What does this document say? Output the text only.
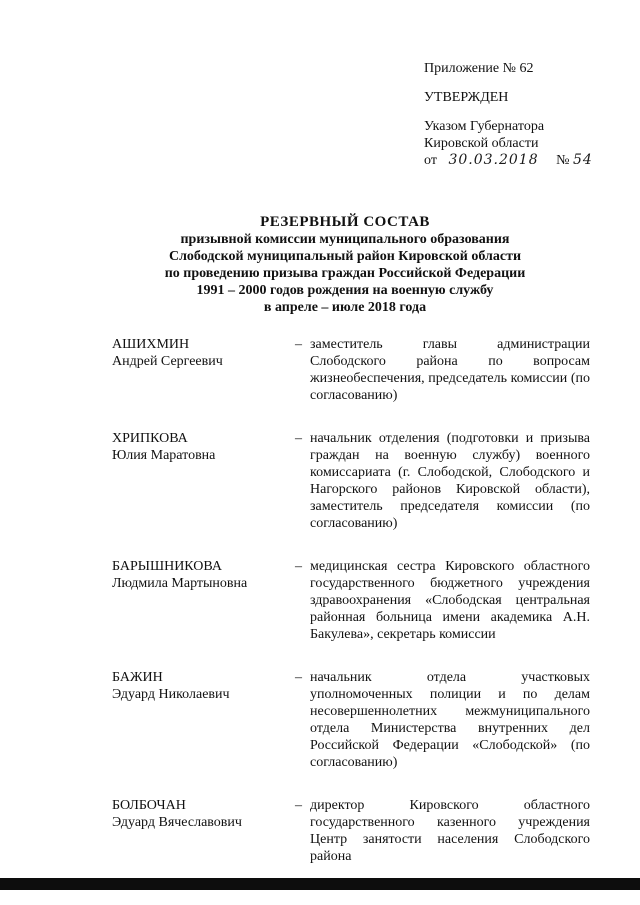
Приложение № 62
УТВЕРЖДЕН
Указом Губернатора
Кировской области
от 30.03.2018 № 54
РЕЗЕРВНЫЙ СОСТАВ
призывной комиссии муниципального образования
Слободской муниципальный район Кировской области
по проведению призыва граждан Российской Федерации
1991 – 2000 годов рождения на военную службу
в апреле – июле 2018 года
АШИХМИН
Андрей Сергеевич
– заместитель главы администрации Слободского района по вопросам жизнеобеспечения, председатель комиссии (по согласованию)
ХРИПКОВА
Юлия Маратовна
– начальник отделения (подготовки и призыва граждан на военную службу) военного комиссариата (г. Слободской, Слободского и Нагорского районов Кировской области), заместитель председателя комиссии (по согласованию)
БАРЫШНИКОВА
Людмила Мартыновна
– медицинская сестра Кировского областного государственного бюджетного учреждения здравоохранения «Слободская центральная районная больница имени академика А.Н. Бакулева», секретарь комиссии
БАЖИН
Эдуард Николаевич
– начальник отдела участковых уполномоченных полиции и по делам несовершеннолетних межмуниципального отдела Министерства внутренних дел Российской Федерации «Слободской» (по согласованию)
БОЛБОЧАН
Эдуард Вячеславович
– директор Кировского областного государственного казенного учреждения Центр занятости населения Слободского района
